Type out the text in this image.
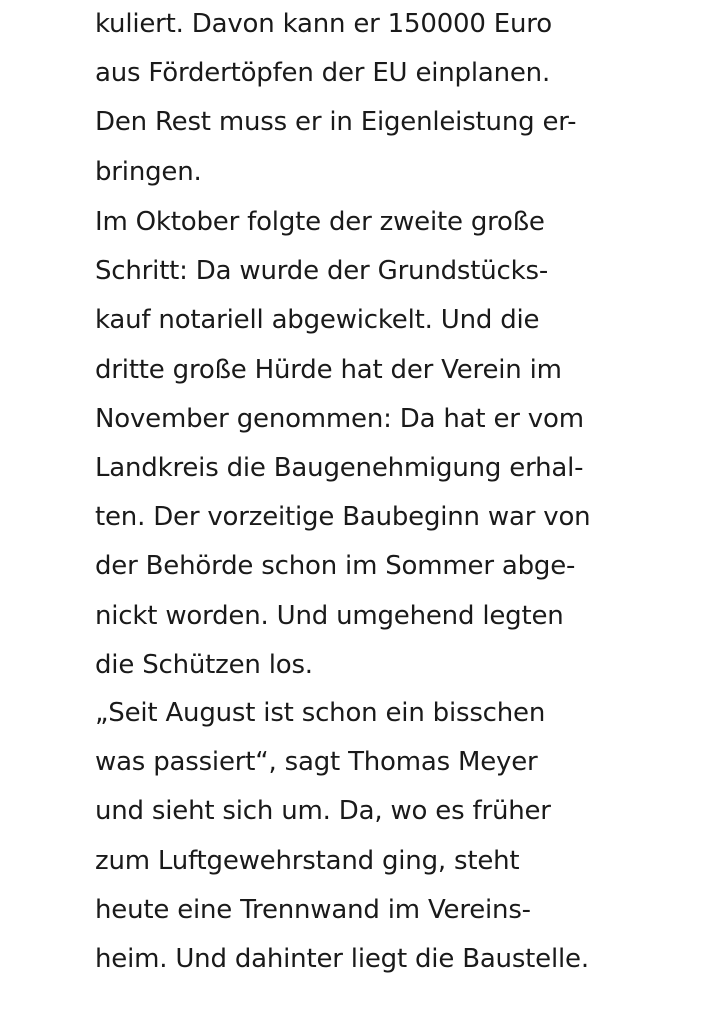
kuliert. Davon kann er 150000 Euro
aus Fördertöpfen der EU einplanen.
Den Rest muss er in Eigenleistung er-
bringen.

Im Oktober folgte der zweite große
Schritt: Da wurde der Grundstücks-
kauf notariell abgewickelt. Und die
dritte große Hürde hat der Verein im
November genommen: Da hat er vom
Landkreis die Baugenehmigung erhal-
ten. Der vorzeitige Baubeginn war von
der Behörde schon im Sommer abge-
nickt worden. Und umgehend legten
die Schützen los.

„Seit August ist schon ein bisschen
was passiert“, sagt Thomas Meyer
und sieht sich um. Da, wo es früher
zum Luftgewehrstand ging, steht
heute eine Trennwand im Vereins-
heim. Und dahinter liegt die Baustelle.
